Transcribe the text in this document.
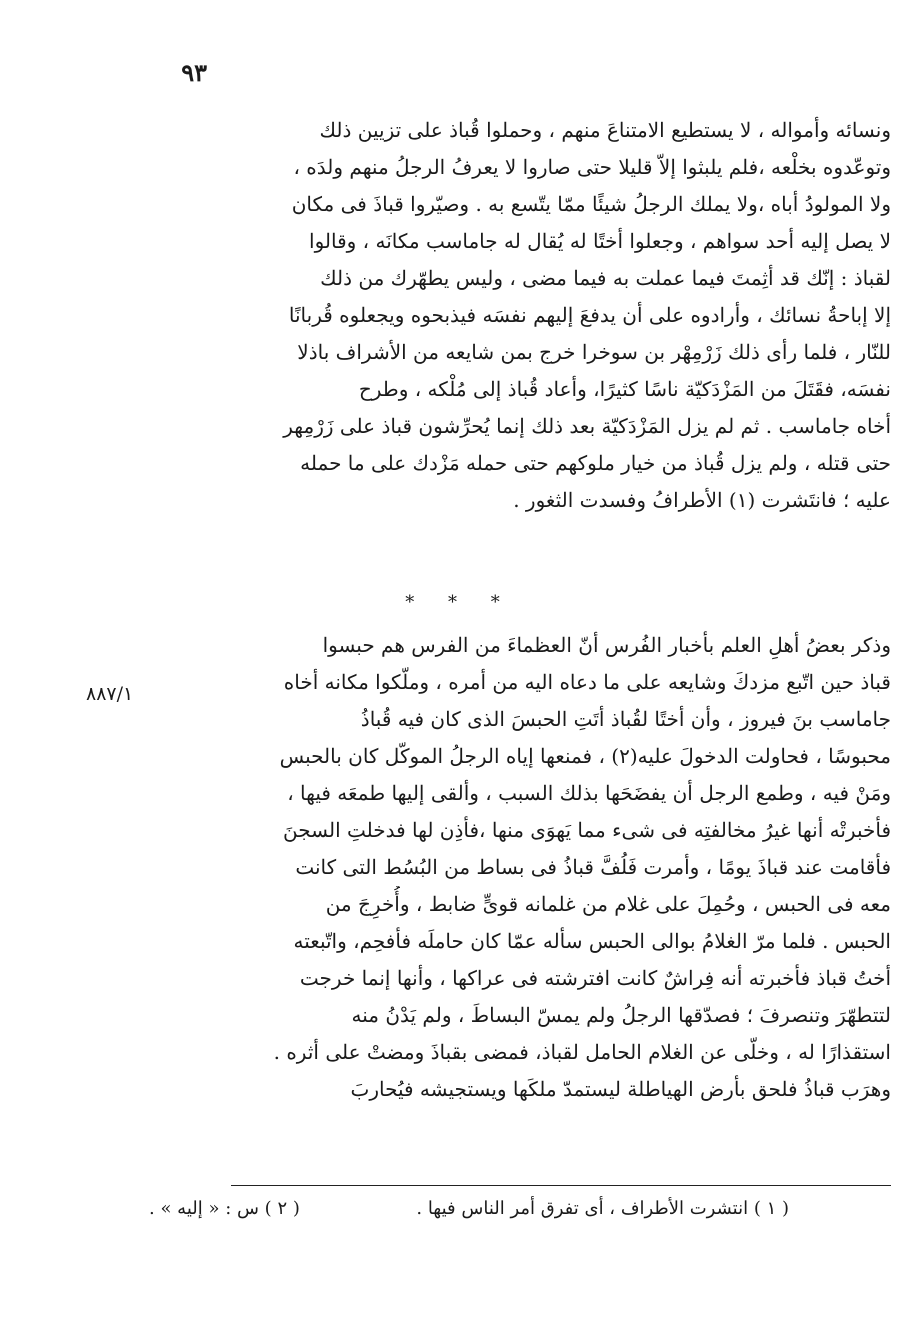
٩٣
ونسائه وأمواله ، لا يستطيع الامتناعَ منهم ، وحملوا قُباذ على تزيين ذلك
وتوعّدوه بخلْعه ،فلم يلبثوا إلاّ قليلا حتى صاروا لا يعرفُ الرجلُ منهم ولدَه ،
ولا المولودُ أباه ،ولا يملك الرجلُ شيئًا ممّا يتّسع به . وصيّروا قباذَ فى مكان
لا يصل إليه أحد سواهم ، وجعلوا أختًا له يُقال له جاماسب مكانَه ، وقالوا
لقباذ : إنّك قد أثِمتَ فيما عملت به فيما مضى ، وليس يطهّرك من ذلك
إلا إباحةُ نسائك ، وأرادوه على أن يدفعَ إليهم نفسَه فيذبحوه ويجعلوه قُربانًا
للنّار ، فلما رأى ذلك زَرْمِهْر بن سوخرا خرج بمن شايعه من الأشراف باذلا
نفسَه، فقَتَلَ من المَزْدَكيّة ناسًا كثيرًا، وأعاد قُباذ إلى مُلْكه ، وطرح
أخاه جاماسب . ثم لم يزل المَزْدَكيّة بعد ذلك إنما يُحرِّشون قباذ على زَرْمِهر
حتى قتله ، ولم يزل قُباذ من خيار ملوكهم حتى حمله مَزْدك على ما حمله
عليه ؛ فانتَشرت (١) الأطرافُ وفسدت الثغور .
* * *
٨٨٧/١
وذكر بعضُ أهلِ العلم بأخبار الفُرس أنّ العظماءَ من الفرس هم حبسوا
قباذ حين اتّبع مزدكَ وشايعه على ما دعاه اليه من أمره ، وملّكوا مكانه أخاه
جاماسب بنَ فيروز ، وأن أختًا لقُباذ أتَتِ الحبسَ الذى كان فيه قُباذُ
محبوسًا ، فحاولت الدخولَ عليه(٢) ، فمنعها إياه الرجلُ الموكّل كان بالحبس
ومَنْ فيه ، وطمع الرجل أن يفضَحَها بذلك السبب ، وألقى إليها طمعَه فيها ،
فأخبرتْه أنها غيرُ مخالفتِه فى شىء مما يَهوَى منها ،فأذِن لها فدخلتِ السجنَ
فأقامت عند قباذَ يومًا ، وأمرت فَلُفَّ قباذُ فى بساط من البُسُط التى كانت
معه فى الحبس ، وحُمِلَ على غلام من غلمانه قوىٍّ ضابط ، وأُخرِجَ من
الحبس . فلما مرّ الغلامُ بوالى الحبس سأله عمّا كان حاملَه فأفحِم، واتّبعته
أختُ قباذ فأخبرته أنه فِراشٌ كانت افترشته فى عراكها ، وأنها إنما خرجت
لتتطهّرَ وتنصرفَ ؛ فصدّقها الرجلُ ولم يمسّ البساطَ ، ولم يَدْنُ منه
استقذارًا له ، وخلّى عن الغلام الحامل لقباذ، فمضى بقباذَ ومضتْ على أثره .
وهرَب قباذُ فلحق بأرض الهياطلة ليستمدّ ملكَها ويستجيشه فيُحاربَ
( ١ ) انتشرت الأطراف ، أى تفرق أمر الناس فيها .
( ٢ ) س : « إليه » .
